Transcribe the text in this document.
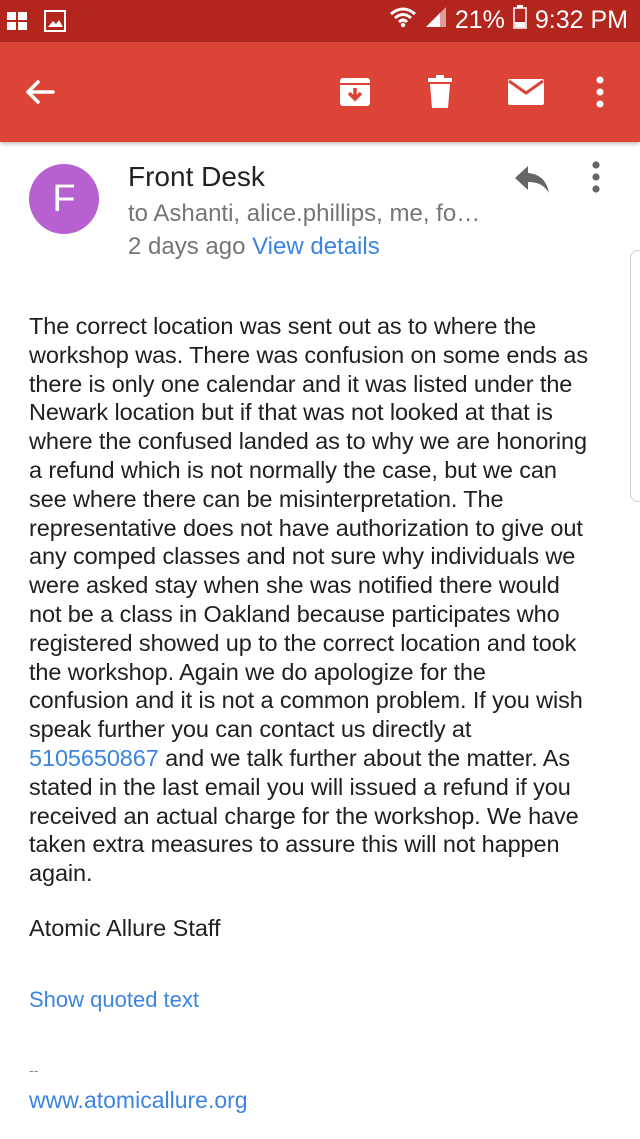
21% 9:32 PM
F
Front Desk
to Ashanti, alice.phillips, me, fo…
2 days ago View details
The correct location was sent out as to where the
workshop was. There was confusion on some ends as
there is only one calendar and it was listed under the
Newark location but if that was not looked at that is
where the confused landed as to why we are honoring
a refund which is not normally the case, but we can
see where there can be misinterpretation. The
representative does not have authorization to give out
any comped classes and not sure why individuals we
were asked stay when she was notified there would
not be a class in Oakland because participates who
registered showed up to the correct location and took
the workshop. Again we do apologize for the
confusion and it is not a common problem. If you wish
speak further you can contact us directly at
5105650867 and we talk further about the matter. As
stated in the last email you will issued a refund if you
received an actual charge for the workshop. We have
taken extra measures to assure this will not happen
again.
Atomic Allure Staff
Show quoted text
--
www.atomicallure.org
